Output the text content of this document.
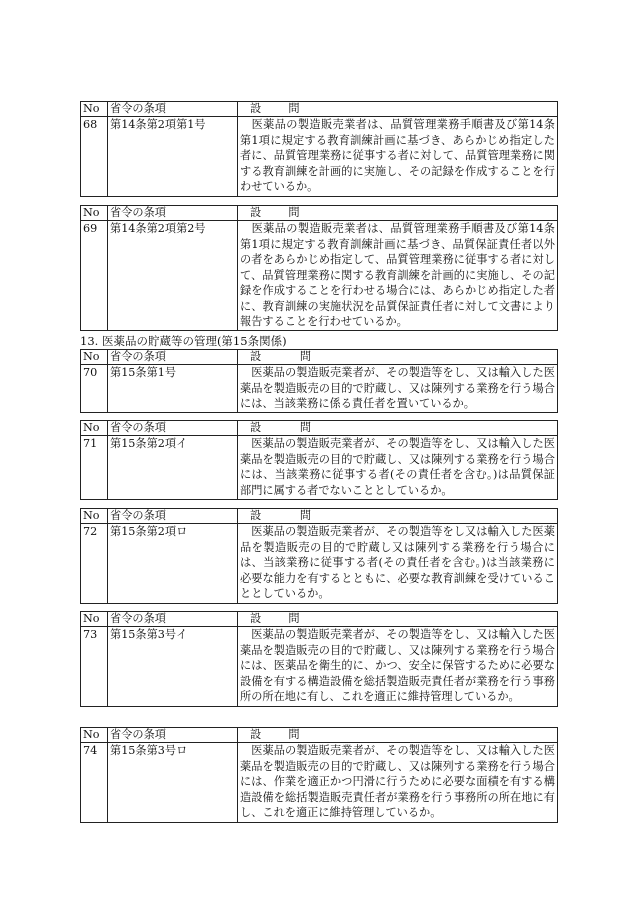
No	省令の条項	設　問
68	第14条第2項第1号	　医薬品の製造販売業者は、品質管理業務手順書及び第14条第1項に規定する教育訓練計画に基づき、あらかじめ指定した者に、品質管理業務に従事する者に対して、品質管理業務に関する教育訓練を計画的に実施し、その記録を作成することを行わせているか。
No	省令の条項	設　問
69	第14条第2項第2号	　医薬品の製造販売業者は、品質管理業務手順書及び第14条第1項に規定する教育訓練計画に基づき、品質保証責任者以外の者をあらかじめ指定して、品質管理業務に従事する者に対して、品質管理業務に関する教育訓練を計画的に実施し、その記録を作成することを行わせる場合には、あらかじめ指定した者に、教育訓練の実施状況を品質保証責任者に対して文書により報告することを行わせているか。
13. 医薬品の貯蔵等の管理(第15条関係)
No	省令の条項	設　 問
70	第15条第1号	　医薬品の製造販売業者が、その製造等をし、又は輸入した医薬品を製造販売の目的で貯蔵し、又は陳列する業務を行う場合には、当該業務に係る責任者を置いているか。
No	省令の条項	設　 問
71	第15条第2項イ	　医薬品の製造販売業者が、その製造等をし、又は輸入した医薬品を製造販売の目的で貯蔵し、又は陳列する業務を行う場合には、当該業務に従事する者(その責任者を含む。)は品質保証部門に属する者でないこととしているか。
No	省令の条項	設　 問
72	第15条第2項ロ	　医薬品の製造販売業者が、その製造等をし又は輸入した医薬品を製造販売の目的で貯蔵し又は陳列する業務を行う場合には、当該業務に従事する者(その責任者を含む。)は当該業務に必要な能力を有するとともに、必要な教育訓練を受けていることとしているか。
No	省令の条項	設　問
73	第15条第3号イ	　医薬品の製造販売業者が、その製造等をし、又は輸入した医薬品を製造販売の目的で貯蔵し、又は陳列する業務を行う場合には、医薬品を衛生的に、かつ、安全に保管するために必要な設備を有する構造設備を総括製造販売責任者が業務を行う事務所の所在地に有し、これを適正に維持管理しているか。
No	省令の条項	設　問
74	第15条第3号ロ	　医薬品の製造販売業者が、その製造等をし、又は輸入した医薬品を製造販売の目的で貯蔵し、又は陳列する業務を行う場合には、作業を適正かつ円滑に行うために必要な面積を有する構造設備を総括製造販売責任者が業務を行う事務所の所在地に有し、これを適正に維持管理しているか。
